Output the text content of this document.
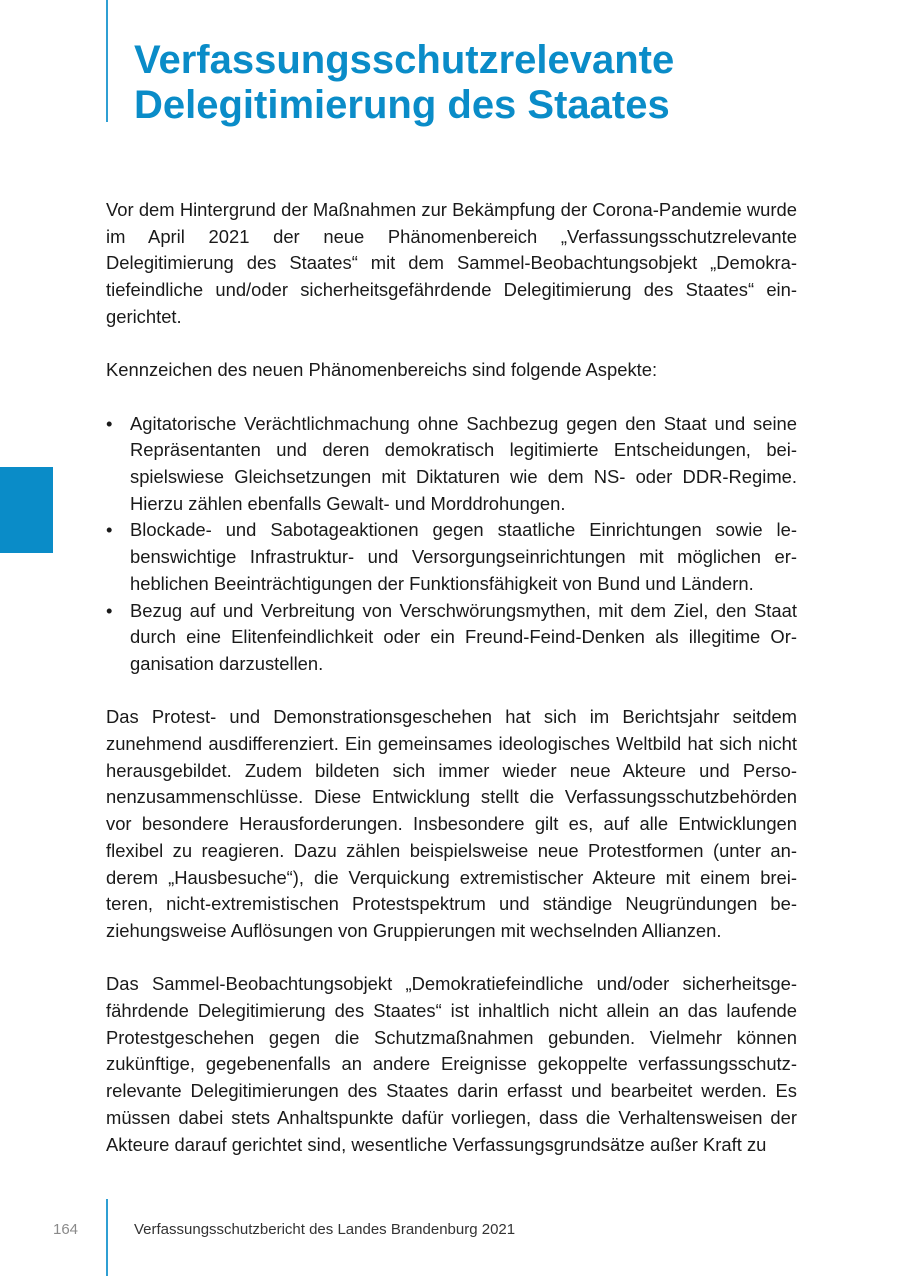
Verfassungsschutzrelevante
Delegitimierung des Staates

Vor dem Hintergrund der Maßnahmen zur Bekämpfung der Corona-Pandemie wurde im April 2021 der neue Phänomenbereich „Verfassungsschutzrelevante Delegitimierung des Staates“ mit dem Sammel-Beobachtungsobjekt „Demokratiefeindliche und/oder sicherheitsgefährdende Delegitimierung des Staates“ eingerichtet.

Kennzeichen des neuen Phänomenbereichs sind folgende Aspekte:

• Agitatorische Verächtlichmachung ohne Sachbezug gegen den Staat und seine Repräsentanten und deren demokratisch legitimierte Entscheidungen, beispielswiese Gleichsetzungen mit Diktaturen wie dem NS- oder DDR-Regime. Hierzu zählen ebenfalls Gewalt- und Morddrohungen.
• Blockade- und Sabotageaktionen gegen staatliche Einrichtungen sowie lebenswichtige Infrastruktur- und Versorgungseinrichtungen mit möglichen erheblichen Beeinträchtigungen der Funktionsfähigkeit von Bund und Ländern.
• Bezug auf und Verbreitung von Verschwörungsmythen, mit dem Ziel, den Staat durch eine Elitenfeindlichkeit oder ein Freund-Feind-Denken als illegitime Organisation darzustellen.

Das Protest- und Demonstrationsgeschehen hat sich im Berichtsjahr seitdem zunehmend ausdifferenziert. Ein gemeinsames ideologisches Weltbild hat sich nicht herausgebildet. Zudem bildeten sich immer wieder neue Akteure und Personenzusammenschlüsse. Diese Entwicklung stellt die Verfassungsschutzbehörden vor besondere Herausforderungen. Insbesondere gilt es, auf alle Entwicklungen flexibel zu reagieren. Dazu zählen beispielsweise neue Protestformen (unter anderem „Hausbesuche“), die Verquickung extremistischer Akteure mit einem breiteren, nicht-extremistischen Protestspektrum und ständige Neugründungen beziehungsweise Auflösungen von Gruppierungen mit wechselnden Allianzen.

Das Sammel-Beobachtungsobjekt „Demokratiefeindliche und/oder sicherheitsgefährdende Delegitimierung des Staates“ ist inhaltlich nicht allein an das laufende Protestgeschehen gegen die Schutzmaßnahmen gebunden. Vielmehr können zukünftige, gegebenenfalls an andere Ereignisse gekoppelte verfassungsschutzrelevante Delegitimierungen des Staates darin erfasst und bearbeitet werden. Es müssen dabei stets Anhaltspunkte dafür vorliegen, dass die Verhaltensweisen der Akteure darauf gerichtet sind, wesentliche Verfassungsgrundsätze außer Kraft zu

164	Verfassungsschutzbericht des Landes Brandenburg 2021
